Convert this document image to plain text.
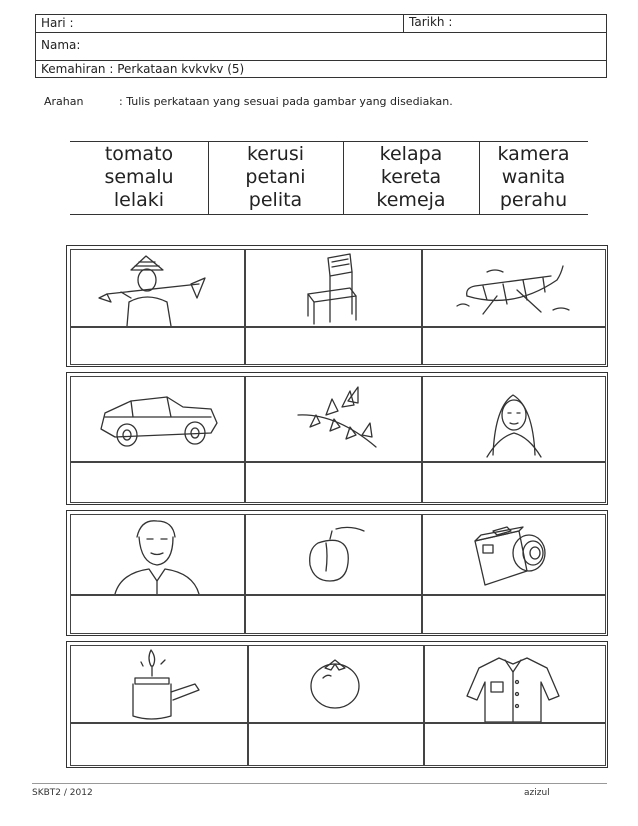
Hari :	Tarikh :
Nama:
Kemahiran : Perkataan kvkvkv (5)
Arahan	: Tulis perkataan yang sesuai pada gambar yang disediakan.
tomato	kerusi	kelapa	kamera
semalu	petani	kereta	wanita
lelaki	pelita	kemeja	perahu
SKBT2 / 2012	azizul
